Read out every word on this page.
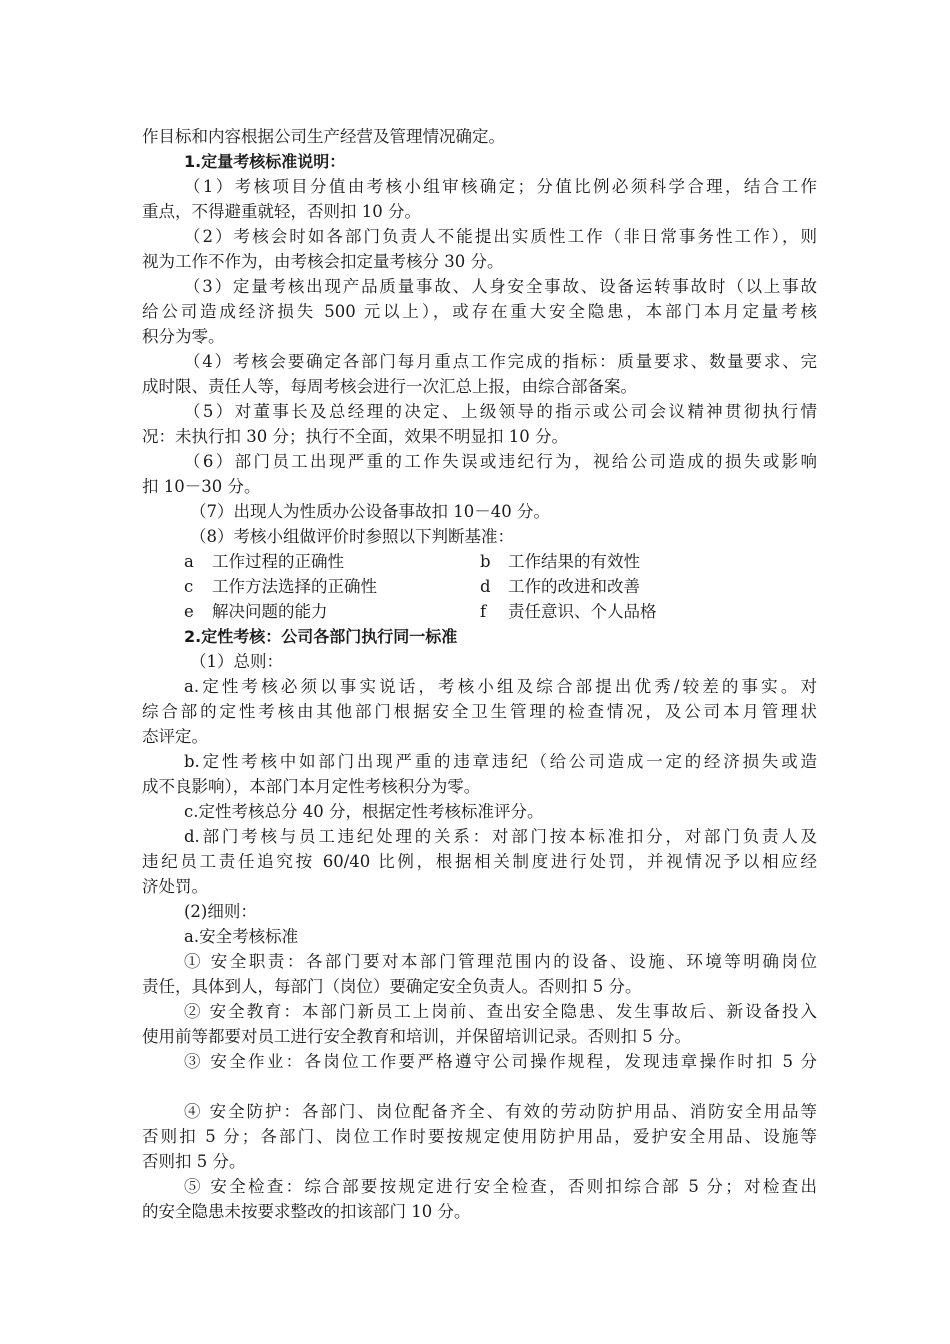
作目标和内容根据公司生产经营及管理情况确定。
1.定量考核标准说明：
（1）考核项目分值由考核小组审核确定；分值比例必须科学合理，结合工作
重点，不得避重就轻，否则扣 10 分。
（2）考核会时如各部门负责人不能提出实质性工作（非日常事务性工作），则
视为工作不作为，由考核会扣定量考核分 30 分。
（3）定量考核出现产品质量事故、人身安全事故、设备运转事故时（以上事故
给公司造成经济损失 500 元以上），或存在重大安全隐患，本部门本月定量考核
积分为零。
（4）考核会要确定各部门每月重点工作完成的指标：质量要求、数量要求、完
成时限、责任人等，每周考核会进行一次汇总上报，由综合部备案。
（5）对董事长及总经理的决定、上级领导的指示或公司会议精神贯彻执行情
况：未执行扣 30 分；执行不全面，效果不明显扣 10 分。
（6）部门员工出现严重的工作失误或违纪行为，视给公司造成的损失或影响
扣 10－30 分。
（7）出现人为性质办公设备事故扣 10－40 分。
（8）考核小组做评价时参照以下判断基准：
a 工作过程的正确性	b 工作结果的有效性
c 工作方法选择的正确性	d 工作的改进和改善
e 解决问题的能力	f 责任意识、个人品格
2.定性考核：公司各部门执行同一标准
（1）总则：
a.定性考核必须以事实说话，考核小组及综合部提出优秀/较差的事实。对
综合部的定性考核由其他部门根据安全卫生管理的检查情况，及公司本月管理状
态评定。
b.定性考核中如部门出现严重的违章违纪（给公司造成一定的经济损失或造
成不良影响），本部门本月定性考核积分为零。
c.定性考核总分 40 分，根据定性考核标准评分。
d.部门考核与员工违纪处理的关系：对部门按本标准扣分，对部门负责人及
违纪员工责任追究按 60/40 比例，根据相关制度进行处罚，并视情况予以相应经
济处罚。
(2)细则：
a.安全考核标准
① 安全职责：各部门要对本部门管理范围内的设备、设施、环境等明确岗位
责任，具体到人，每部门（岗位）要确定安全负责人。否则扣 5 分。
② 安全教育：本部门新员工上岗前、查出安全隐患、发生事故后、新设备投入
使用前等都要对员工进行安全教育和培训，并保留培训记录。否则扣 5 分。
③ 安全作业：各岗位工作要严格遵守公司操作规程，发现违章操作时扣 5 分
④ 安全防护：各部门、岗位配备齐全、有效的劳动防护用品、消防安全用品等
否则扣 5 分；各部门、岗位工作时要按规定使用防护用品，爱护安全用品、设施等
否则扣 5 分。
⑤ 安全检查：综合部要按规定进行安全检查，否则扣综合部 5 分；对检查出
的安全隐患未按要求整改的扣该部门 10 分。
